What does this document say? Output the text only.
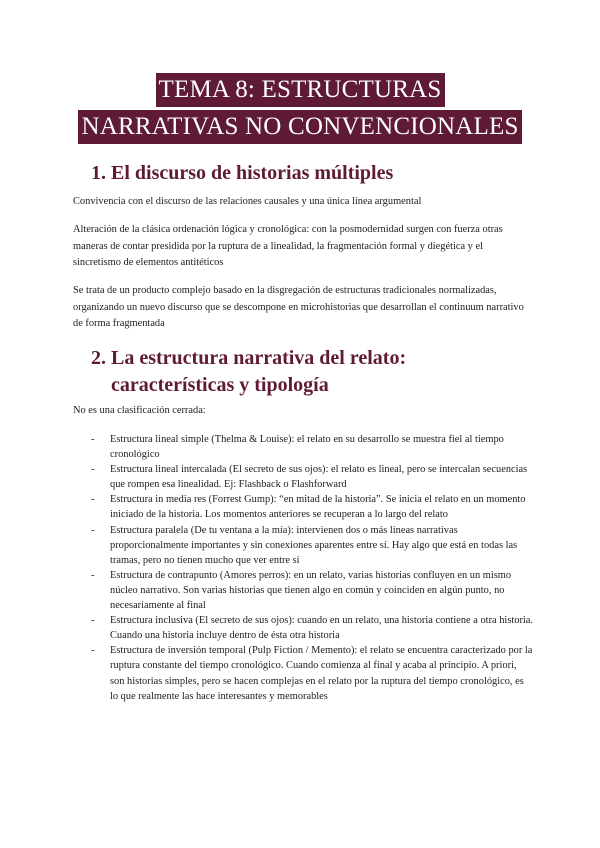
TEMA 8: ESTRUCTURAS
NARRATIVAS NO CONVENCIONALES
1. El discurso de historias múltiples

Convivencia con el discurso de las relaciones causales y una única línea argumental

Alteración de la clásica ordenación lógica y cronológica: con la posmodernidad surgen con fuerza otras maneras de contar presidida por la ruptura de a linealidad, la fragmentación formal y diegética y el sincretismo de elementos antitéticos

Se trata de un producto complejo basado en la disgregación de estructuras tradicionales normalizadas, organizando un nuevo discurso que se descompone en microhistorias que desarrollan el continuum narrativo de forma fragmentada

2. La estructura narrativa del relato:
características y tipología

No es una clasificación cerrada:

- Estructura lineal simple (Thelma & Louise): el relato en su desarrollo se muestra fiel al tiempo cronológico
- Estructura lineal intercalada (El secreto de sus ojos): el relato es lineal, pero se intercalan secuencias que rompen esa linealidad. Ej: Flashback o Flashforward
- Estructura in media res (Forrest Gump): “en mitad de la historia”. Se inicia el relato en un momento iniciado de la historia. Los momentos anteriores se recuperan a lo largo del relato
- Estructura paralela (De tu ventana a la mía): intervienen dos o más líneas narrativas proporcionalmente importantes y sin conexiones aparentes entre sí. Hay algo que está en todas las tramas, pero no tienen mucho que ver entre sí
- Estructura de contrapunto (Amores perros): en un relato, varias historias confluyen en un mismo núcleo narrativo. Son varias historias que tienen algo en común y coinciden en algún punto, no necesariamente al final
- Estructura inclusiva (El secreto de sus ojos): cuando en un relato, una historia contiene a otra historia. Cuando una historia incluye dentro de ésta otra historia
- Estructura de inversión temporal (Pulp Fiction / Memento): el relato se encuentra caracterizado por la ruptura constante del tiempo cronológico. Cuando comienza al final y acaba al principio. A priori, son historias simples, pero se hacen complejas en el relato por la ruptura del tiempo cronológico, es lo que realmente las hace interesantes y memorables
